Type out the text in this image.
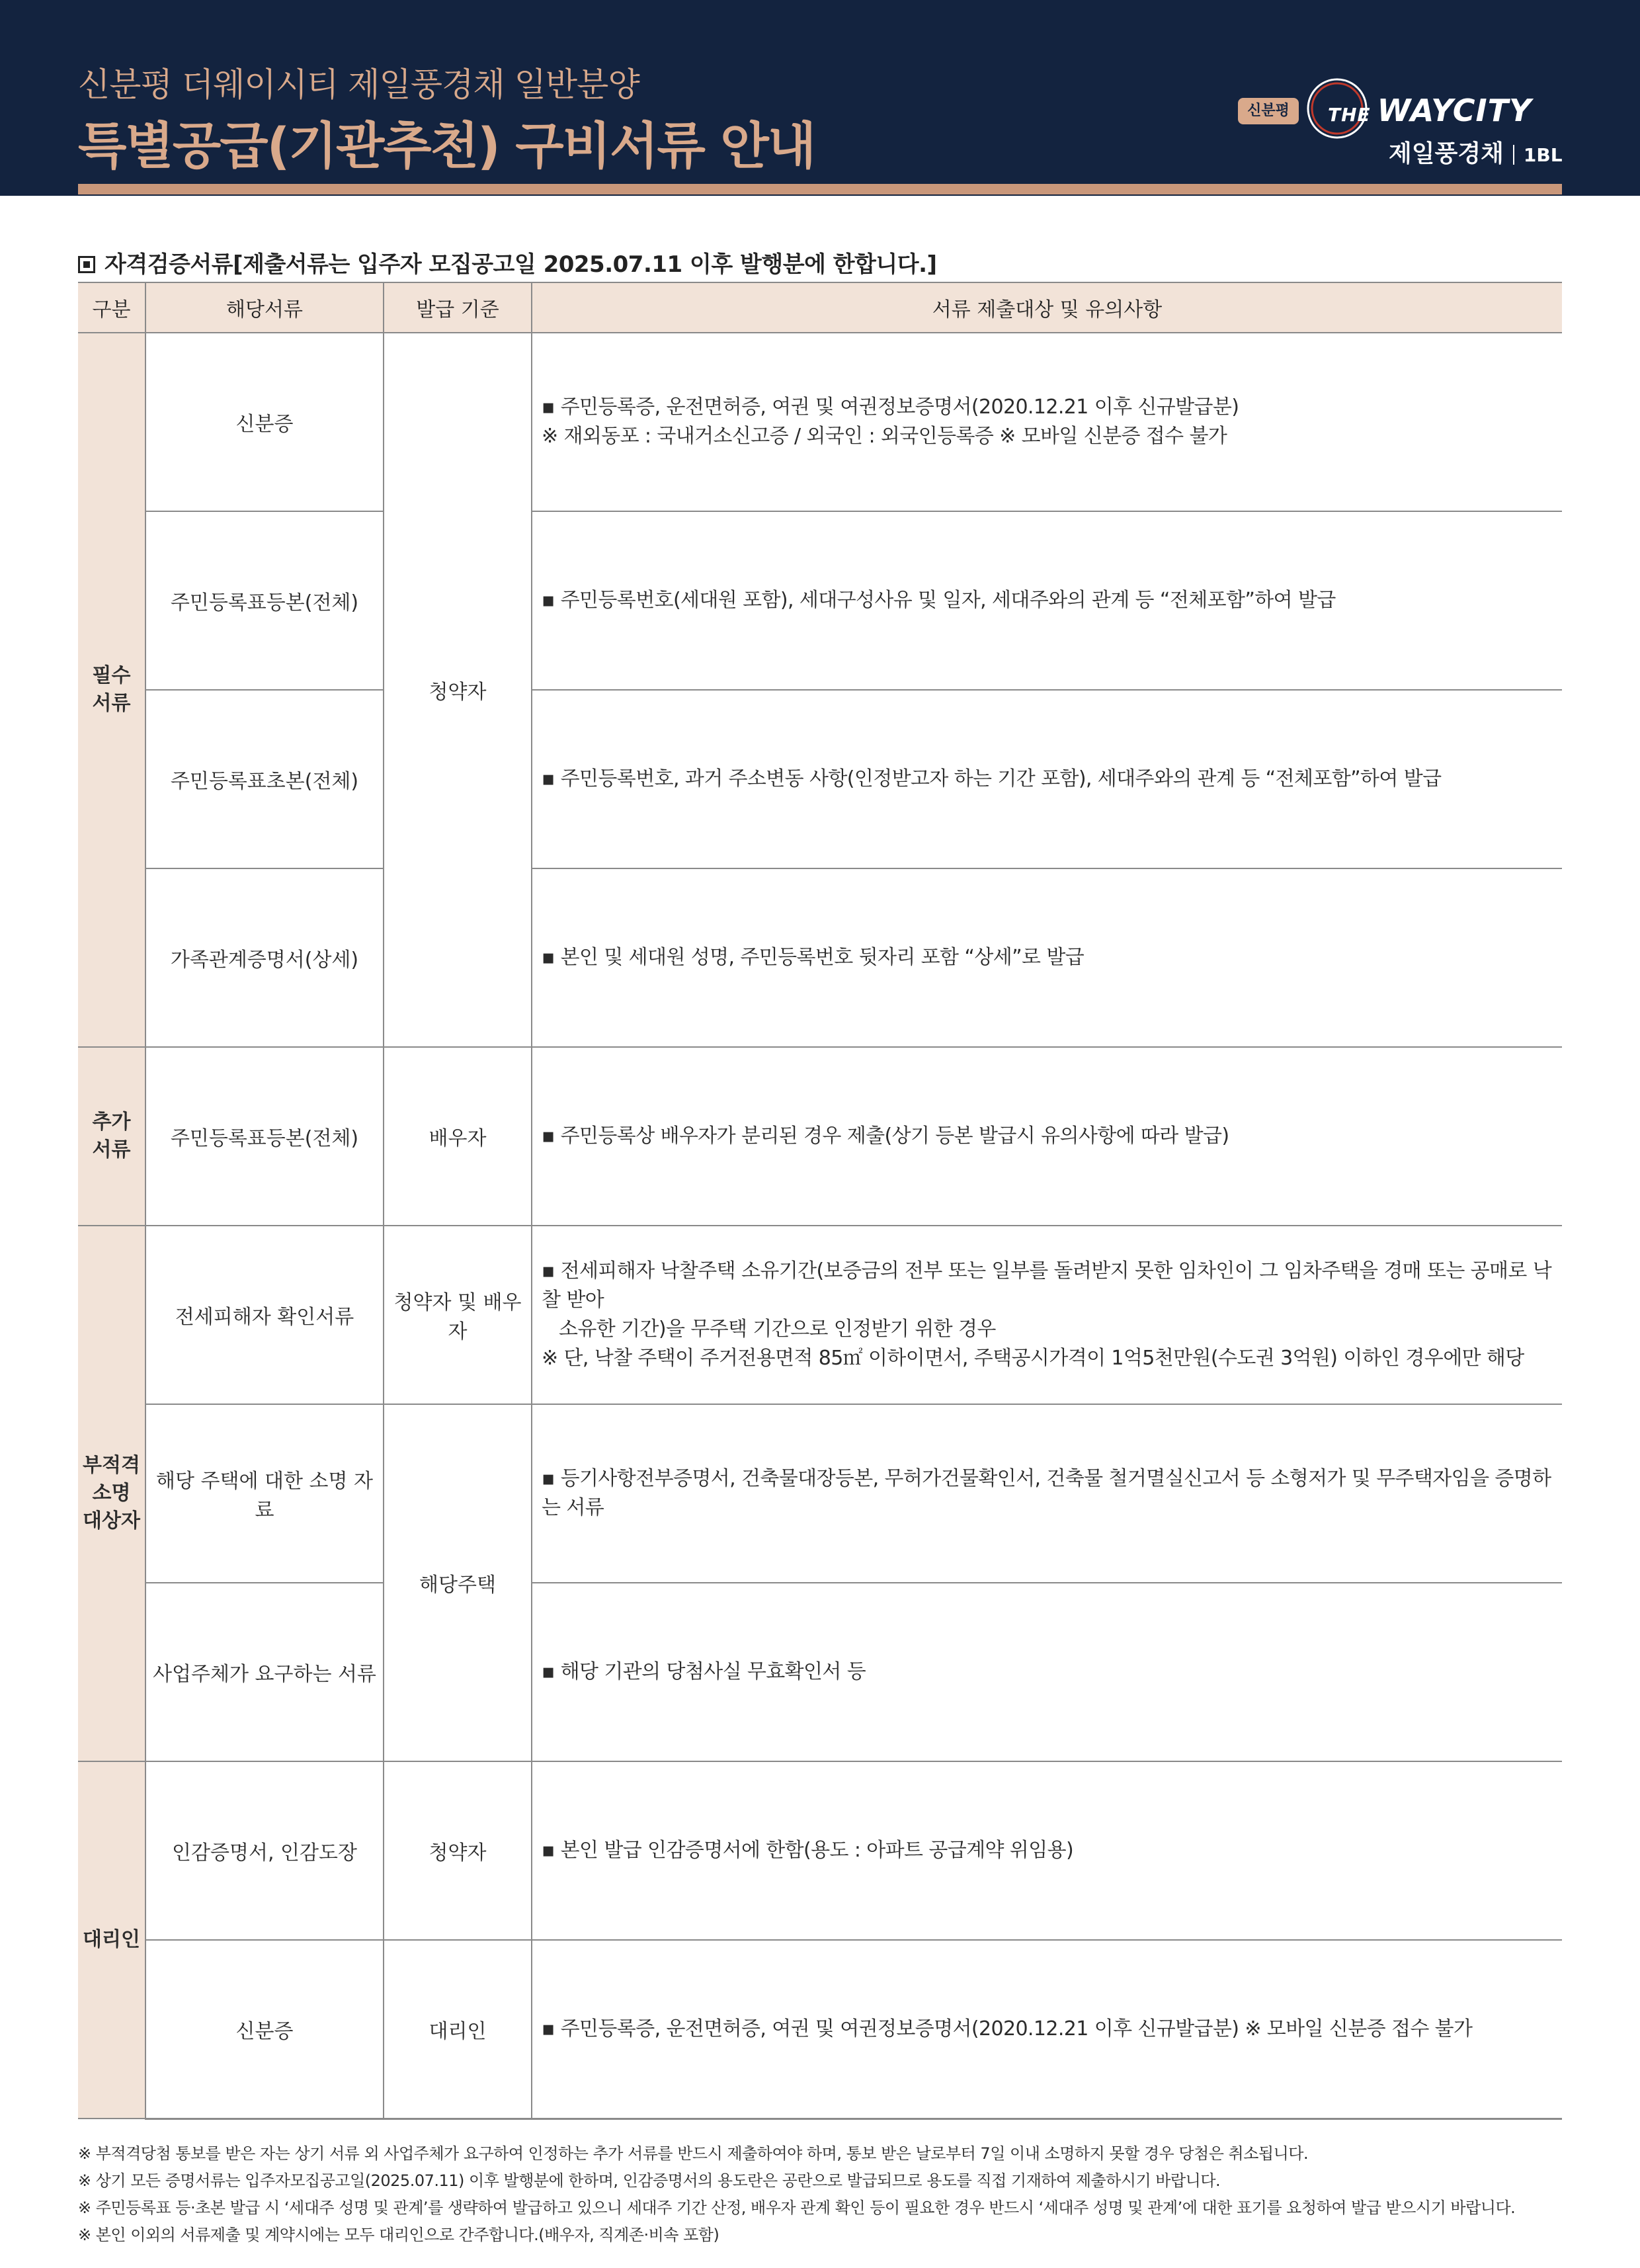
신분평 더웨이시티 제일풍경채 일반분양
특별공급(기관추천) 구비서류 안내
신분평	THE WAYCITY
제일풍경채 1BL
자격검증서류[제출서류는 입주자 모집공고일 2025.07.11 이후 발행분에 한합니다.]
구분	해당서류	발급 기준	서류 제출대상 및 유의사항
필수
서류	신분증	청약자	▪ 주민등록증, 운전면허증, 여권 및 여권정보증명서(2020.12.21 이후 신규발급분)
※ 재외동포 : 국내거소신고증 / 외국인 : 외국인등록증 ※ 모바일 신분증 접수 불가

	주민등록표등본(전체)		▪ 주민등록번호(세대원 포함), 세대구성사유 및 일자, 세대주와의 관계 등 “전체포함”하여 발급

	주민등록표초본(전체)		▪ 주민등록번호, 과거 주소변동 사항(인정받고자 하는 기간 포함), 세대주와의 관계 등 “전체포함”하여 발급

	가족관계증명서(상세)		▪ 본인 및 세대원 성명, 주민등록번호 뒷자리 포함 “상세”로 발급

추가
서류	주민등록표등본(전체)	배우자	▪ 주민등록상 배우자가 분리된 경우 제출(상기 등본 발급시 유의사항에 따라 발급)

부적격
소명
대상자	전세피해자 확인서류	청약자 및 배우자	▪ 전세피해자 낙찰주택 소유기간(보증금의 전부 또는 일부를 돌려받지 못한 임차인이 그 임차주택을 경매 또는 공매로 낙찰 받아
소유한 기간)을 무주택 기간으로 인정받기 위한 경우
※ 단, 낙찰 주택이 주거전용면적 85㎡ 이하이면서, 주택공시가격이 1억5천만원(수도권 3억원) 이하인 경우에만 해당

	해당 주택에 대한 소명 자료	해당주택	▪ 등기사항전부증명서, 건축물대장등본, 무허가건물확인서, 건축물 철거멸실신고서 등 소형저가 및 무주택자임을 증명하는 서류

	사업주체가 요구하는 서류		▪ 해당 기관의 당첨사실 무효확인서 등

대리인	인감증명서, 인감도장	청약자	▪ 본인 발급 인감증명서에 한함(용도 : 아파트 공급계약 위임용)

	신분증	대리인	▪ 주민등록증, 운전면허증, 여권 및 여권정보증명서(2020.12.21 이후 신규발급분) ※ 모바일 신분증 접수 불가
※ 부적격당첨 통보를 받은 자는 상기 서류 외 사업주체가 요구하여 인정하는 추가 서류를 반드시 제출하여야 하며, 통보 받은 날로부터 7일 이내 소명하지 못할 경우 당첨은 취소됩니다.
※ 상기 모든 증명서류는 입주자모집공고일(2025.07.11) 이후 발행분에 한하며, 인감증명서의 용도란은 공란으로 발급되므로 용도를 직접 기재하여 제출하시기 바랍니다.
※ 주민등록표 등·초본 발급 시 ‘세대주 성명 및 관계’를 생략하여 발급하고 있으니 세대주 기간 산정, 배우자 관계 확인 등이 필요한 경우 반드시 ‘세대주 성명 및 관계’에 대한 표기를 요청하여 발급 받으시기 바랍니다.
※ 본인 이외의 서류제출 및 계약시에는 모두 대리인으로 간주합니다.(배우자, 직계존·비속 포함)
